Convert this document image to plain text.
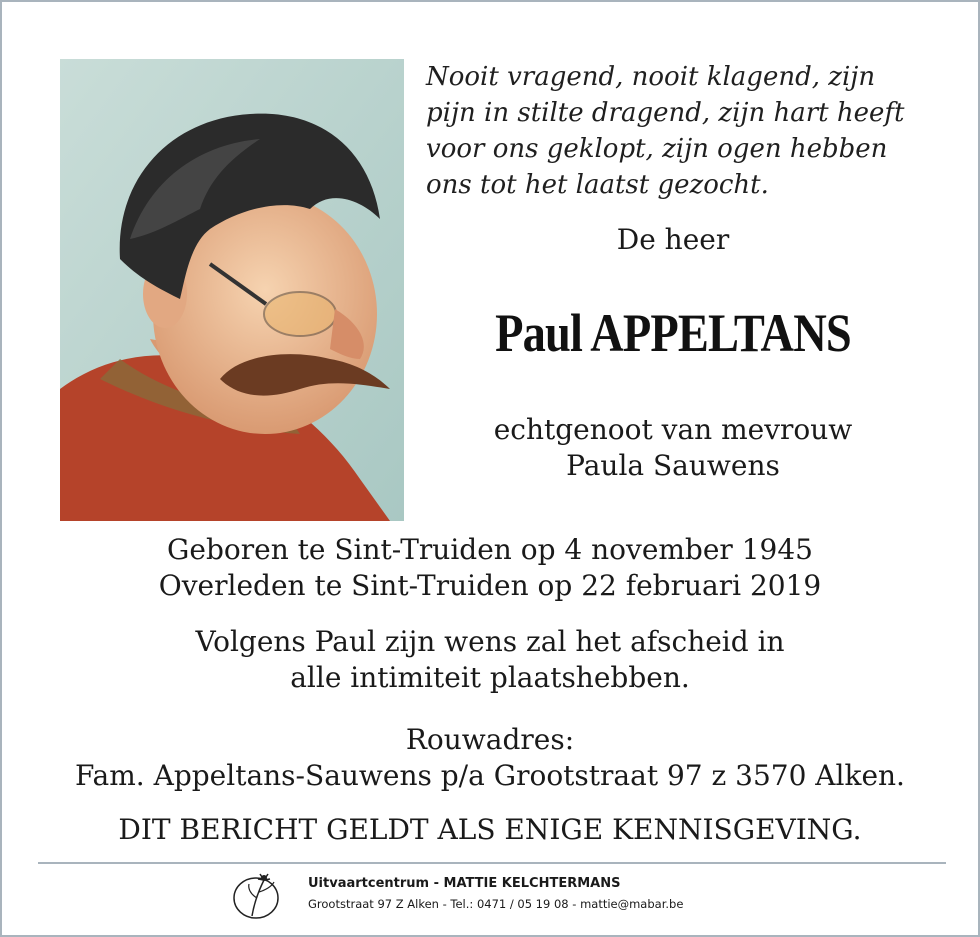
Nooit vragend, nooit klagend, zijn
pijn in stilte dragend, zijn hart heeft
voor ons geklopt, zijn ogen hebben
ons tot het laatst gezocht.
De heer
Paul APPELTANS
echtgenoot van mevrouw
Paula Sauwens
Geboren te Sint-Truiden op 4 november 1945
Overleden te Sint-Truiden op 22 februari 2019
Volgens Paul zijn wens zal het afscheid in
alle intimiteit plaatshebben.
Rouwadres:
Fam. Appeltans-Sauwens p/a Grootstraat 97 z 3570 Alken.
DIT BERICHT GELDT ALS ENIGE KENNISGEVING.
Uitvaartcentrum - MATTIE KELCHTERMANS
Grootstraat 97 Z Alken - Tel.: 0471 / 05 19 08 - mattie@mabar.be
